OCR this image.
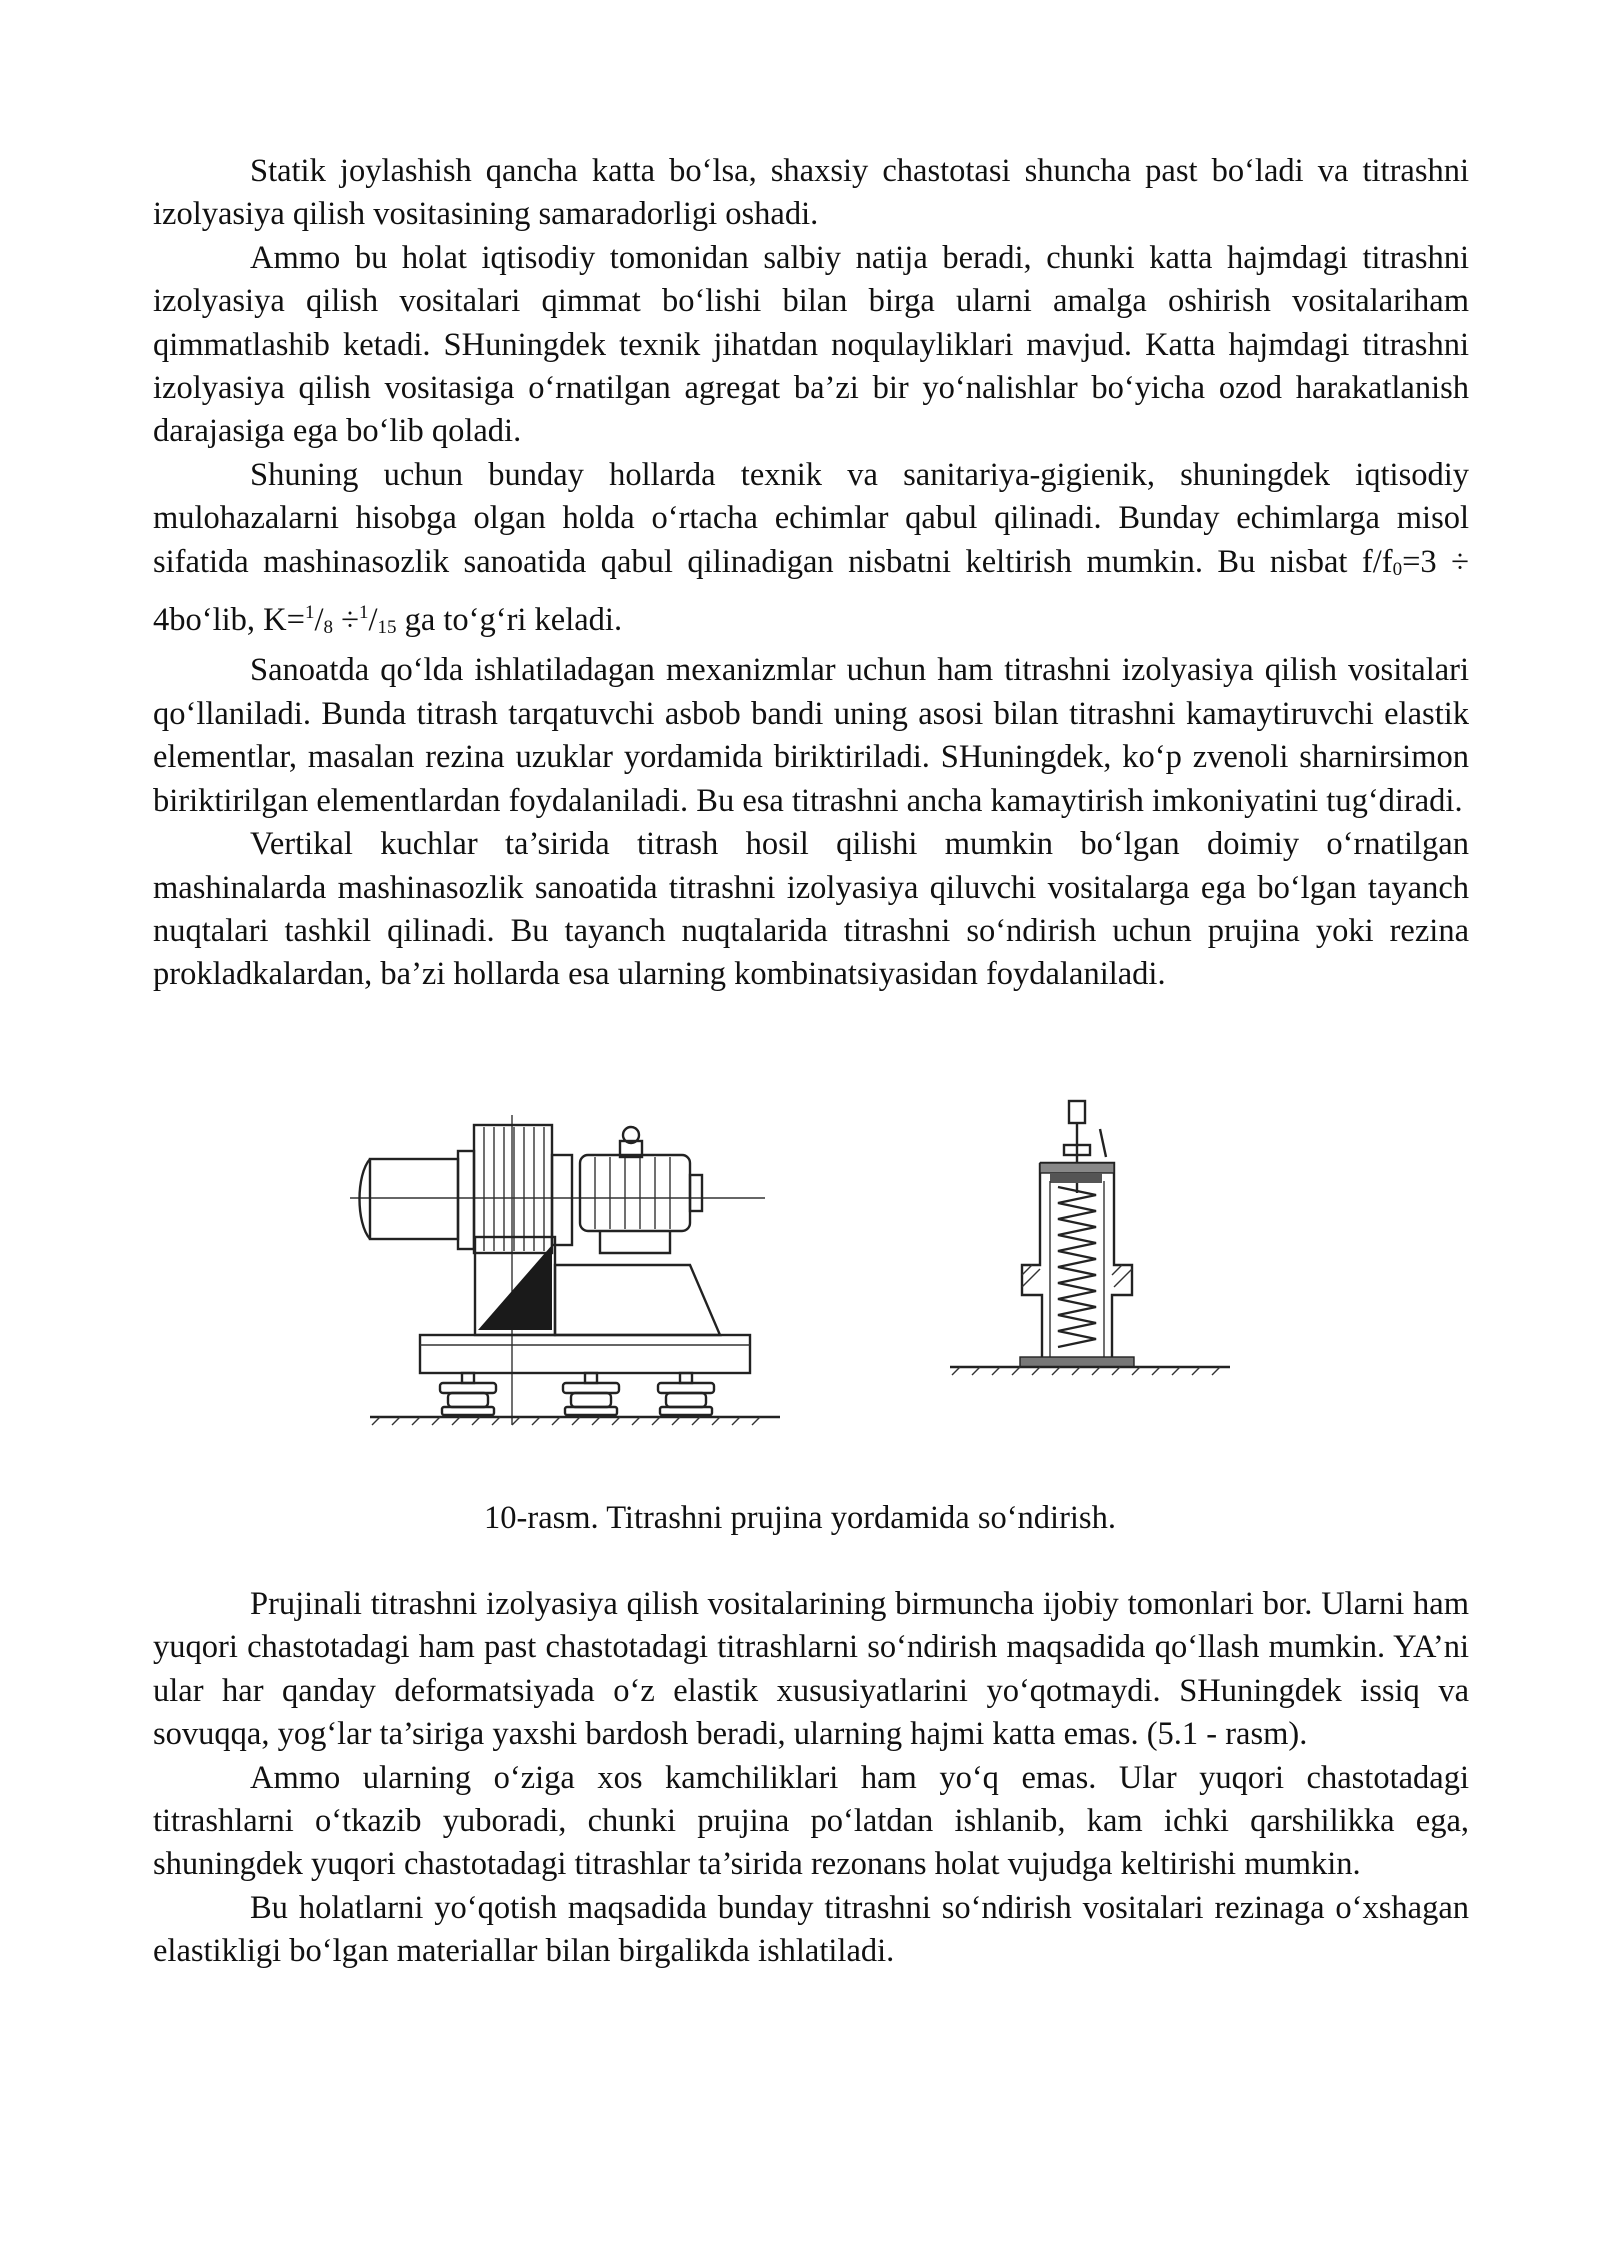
Statik joylashish qancha katta bo‘lsa, shaxsiy chastotasi shuncha past bo‘ladi va titrashni izolyasiya qilish vositasining samaradorligi oshadi.

Ammo bu holat iqtisodiy tomonidan salbiy natija beradi, chunki katta hajmdagi titrashni izolyasiya qilish vositalari qimmat bo‘lishi bilan birga ularni amalga oshirish vositalariham qimmatlashib ketadi. SHuningdek texnik jihatdan noqulayliklari mavjud. Katta hajmdagi titrashni izolyasiya qilish vositasiga o‘rnatilgan agregat ba’zi bir yo‘nalishlar bo‘yicha ozod harakatlanish darajasiga ega bo‘lib qoladi.

Shuning uchun bunday hollarda texnik va sanitariya-gigienik, shuningdek iqtisodiy mulohazalarni hisobga olgan holda o‘rtacha echimlar qabul qilinadi. Bunday echimlarga misol sifatida mashinasozlik sanoatida qabul qilinadigan nisbatni keltirish mumkin. Bu nisbat f/f0=3 ÷ 4bo‘lib, K=$^1$/8 ÷$^1$/15 ga to‘g‘ri keladi.

Sanoatda qo‘lda ishlatiladagan mexanizmlar uchun ham titrashni izolyasiya qilish vositalari qo‘llaniladi. Bunda titrash tarqatuvchi asbob bandi uning asosi bilan titrashni kamaytiruvchi elastik elementlar, masalan rezina uzuklar yordamida biriktiriladi. SHuningdek, ko‘p zvenoli sharnirsimon biriktirilgan elementlardan foydalaniladi. Bu esa titrashni ancha kamaytirish imkoniyatini tug‘diradi.

Vertikal kuchlar ta’sirida titrash hosil qilishi mumkin bo‘lgan doimiy o‘rnatilgan mashinalarda mashinasozlik sanoatida titrashni izolyasiya qiluvchi vositalarga ega bo‘lgan tayanch nuqtalari tashkil qilinadi. Bu tayanch nuqtalarida titrashni so‘ndirish uchun prujina yoki rezina prokladkalardan, ba’zi hollarda esa ularning kombinatsiyasidan foydalaniladi.

10-rasm. Titrashni prujina yordamida so‘ndirish.

Prujinali titrashni izolyasiya qilish vositalarining birmuncha ijobiy tomonlari bor. Ularni ham yuqori chastotadagi ham past chastotadagi titrashlarni so‘ndirish maqsadida qo‘llash mumkin. YA’ni ular har qanday deformatsiyada o‘z elastik xususiyatlarini yo‘qotmaydi. SHuningdek issiq va sovuqqa, yog‘lar ta’siriga yaxshi bardosh beradi, ularning hajmi katta emas. (5.1 - rasm).

Ammo ularning o‘ziga xos kamchiliklari ham yo‘q emas. Ular yuqori chastotadagi titrashlarni o‘tkazib yuboradi, chunki prujina po‘latdan ishlanib, kam ichki qarshilikka ega, shuningdek yuqori chastotadagi titrashlar ta’sirida rezonans holat vujudga keltirishi mumkin.

Bu holatlarni yo‘qotish maqsadida bunday titrashni so‘ndirish vositalari rezinaga o‘xshagan elastikligi bo‘lgan materiallar bilan birgalikda ishlatiladi.
